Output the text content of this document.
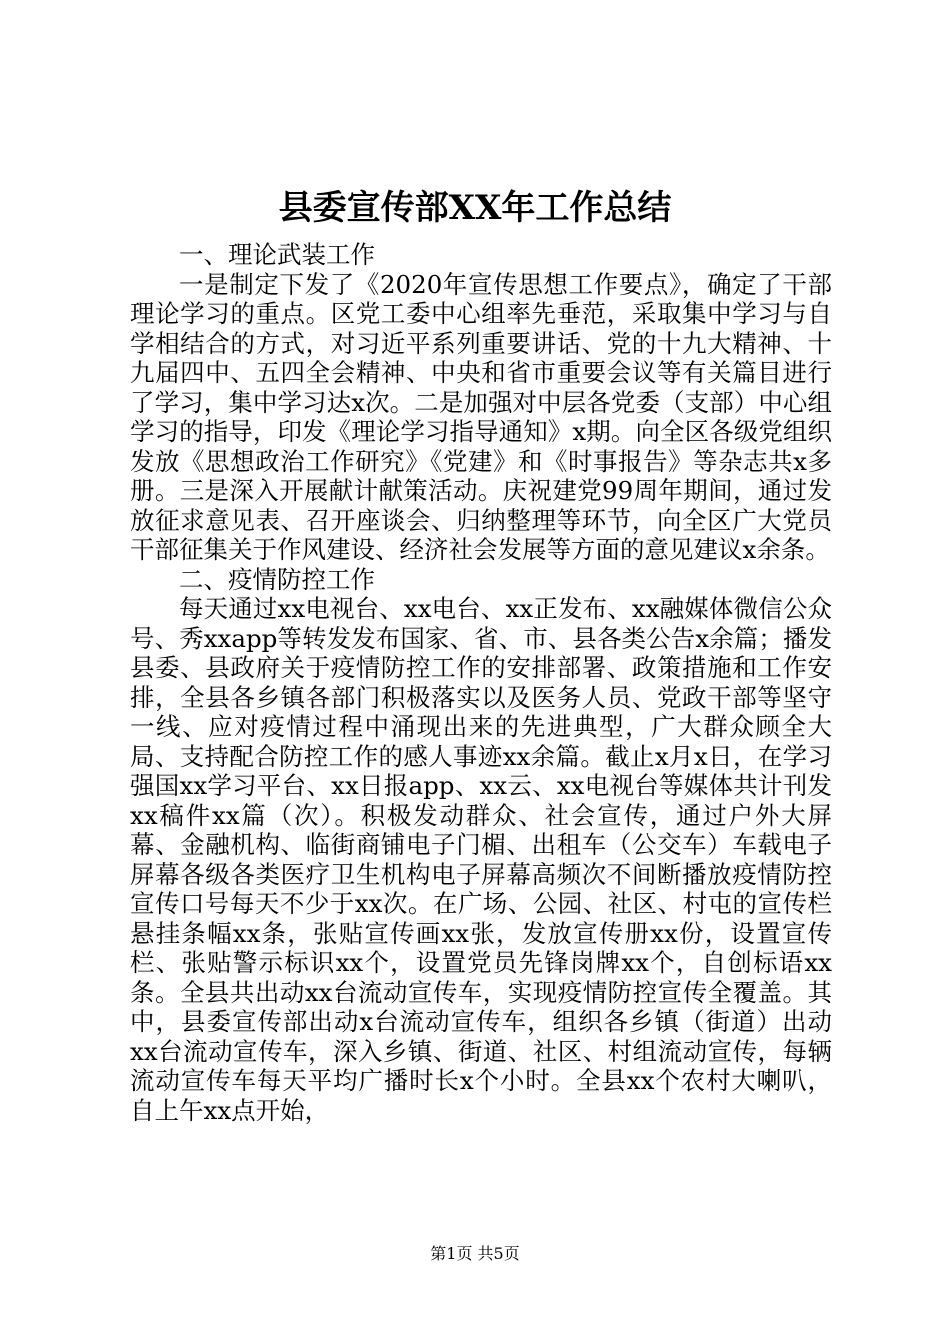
县委宣传部XX年工作总结

一、理论武装工作

一是制定下发了《2020年宣传思想工作要点》，确定了干部理论学习的重点。区党工委中心组率先垂范，采取集中学习与自学相结合的方式，对习近平系列重要讲话、党的十九大精神、十九届四中、五四全会精神、中央和省市重要会议等有关篇目进行了学习，集中学习达x次。二是加强对中层各党委（支部）中心组学习的指导，印发《理论学习指导通知》x期。向全区各级党组织发放《思想政治工作研究》《党建》和《时事报告》等杂志共x多册。三是深入开展献计献策活动。庆祝建党99周年期间，通过发放征求意见表、召开座谈会、归纳整理等环节，向全区广大党员干部征集关于作风建设、经济社会发展等方面的意见建议x余条。

二、疫情防控工作

每天通过xx电视台、xx电台、xx正发布、xx融媒体微信公众号、秀xxapp等转发发布国家、省、市、县各类公告x余篇；播发县委、县政府关于疫情防控工作的安排部署、政策措施和工作安排，全县各乡镇各部门积极落实以及医务人员、党政干部等坚守一线、应对疫情过程中涌现出来的先进典型，广大群众顾全大局、支持配合防控工作的感人事迹xx余篇。截止x月x日，在学习强国xx学习平台、xx日报app、xx云、xx电视台等媒体共计刊发xx稿件xx篇（次）。积极发动群众、社会宣传，通过户外大屏幕、金融机构、临街商铺电子门楣、出租车（公交车）车载电子屏幕各级各类医疗卫生机构电子屏幕高频次不间断播放疫情防控宣传口号每天不少于xx次。在广场、公园、社区、村屯的宣传栏悬挂条幅xx条，张贴宣传画xx张，发放宣传册xx份，设置宣传栏、张贴警示标识xx个，设置党员先锋岗牌xx个，自创标语xx条。全县共出动xx台流动宣传车，实现疫情防控宣传全覆盖。其中，县委宣传部出动x台流动宣传车，组织各乡镇（街道）出动xx台流动宣传车，深入乡镇、街道、社区、村组流动宣传，每辆流动宣传车每天平均广播时长x个小时。全县xx个农村大喇叭，自上午xx点开始，

第1页 共5页
